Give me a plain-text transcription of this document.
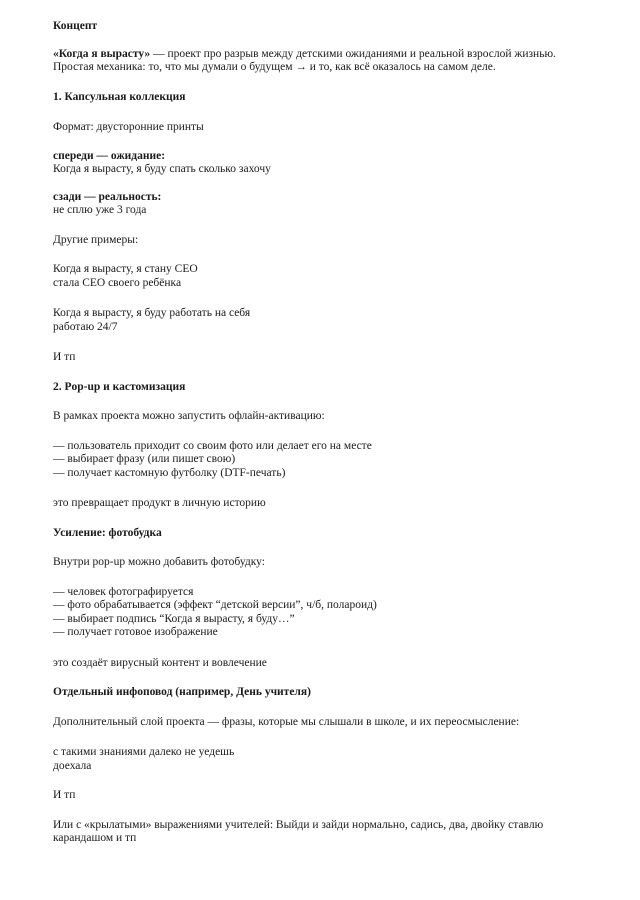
Концепт
«Когда я вырасту» — проект про разрыв между детскими ожиданиями и реальной взрослой жизнью.
Простая механика: то, что мы думали о будущем → и то, как всё оказалось на самом деле.
1. Капсульная коллекция
Формат: двусторонние принты
спереди — ожидание:
Когда я вырасту, я буду спать сколько захочу
сзади — реальность:
не сплю уже 3 года
Другие примеры:
Когда я вырасту, я стану CEO
стала CEO своего ребёнка
Когда я вырасту, я буду работать на себя
работаю 24/7
И тп
2. Pop-up и кастомизация
В рамках проекта можно запустить офлайн-активацию:
— пользователь приходит со своим фото или делает его на месте
— выбирает фразу (или пишет свою)
— получает кастомную футболку (DTF-печать)
это превращает продукт в личную историю
Усиление: фотобудка
Внутри pop-up можно добавить фотобудку:
— человек фотографируется
— фото обрабатывается (эффект “детской версии”, ч/б, полароид)
— выбирает подпись “Когда я вырасту, я буду…”
— получает готовое изображение
это создаёт вирусный контент и вовлечение
Отдельный инфоповод (например, День учителя)
Дополнительный слой проекта — фразы, которые мы слышали в школе, и их переосмысление:
с такими знаниями далеко не уедешь
доехала
И тп
Или с «крылатыми» выражениями учителей: Выйди и зайди нормально, садись, два, двойку ставлю карандашом и тп
